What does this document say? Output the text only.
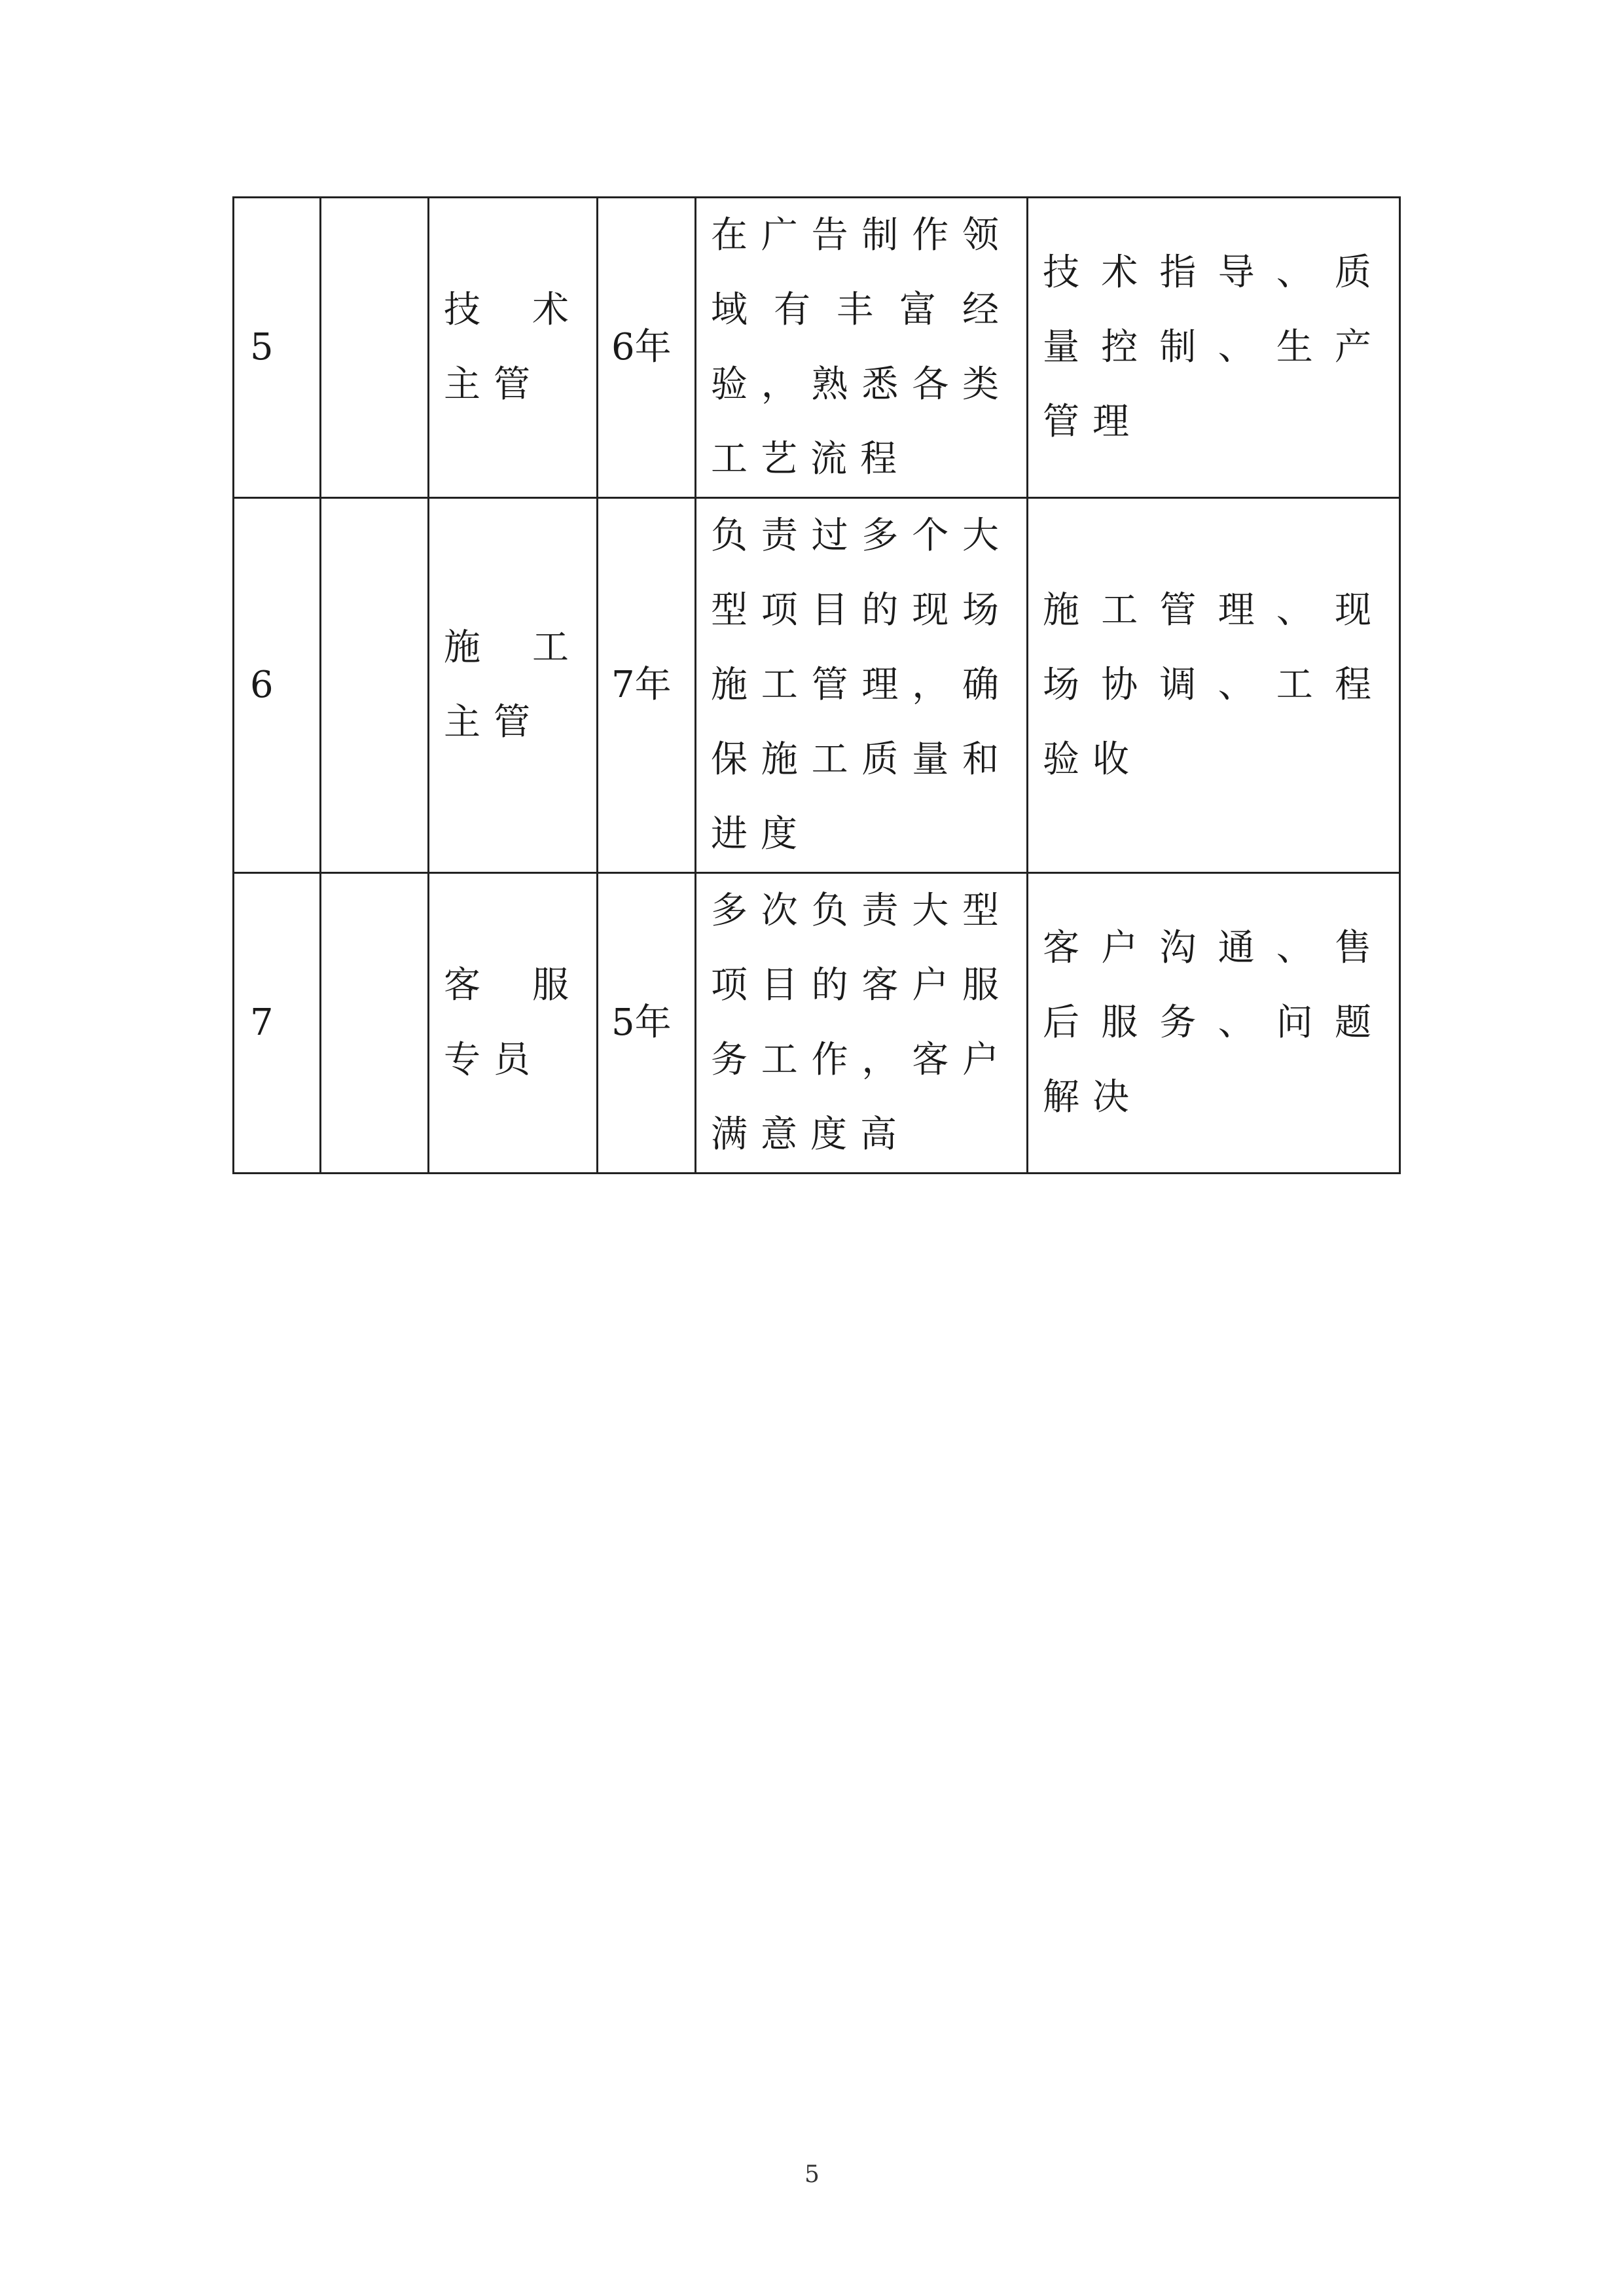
5		技术主管	6年	在广告制作领域有丰富经验，熟悉各类工艺流程	技术指导、质量控制、生产管理
6		施工主管	7年	负责过多个大型项目的现场施工管理，确保施工质量和进度	施工管理、现场协调、工程验收
7		客服专员	5年	多次负责大型项目的客户服务工作，客户满意度高	客户沟通、售后服务、问题解决
5
